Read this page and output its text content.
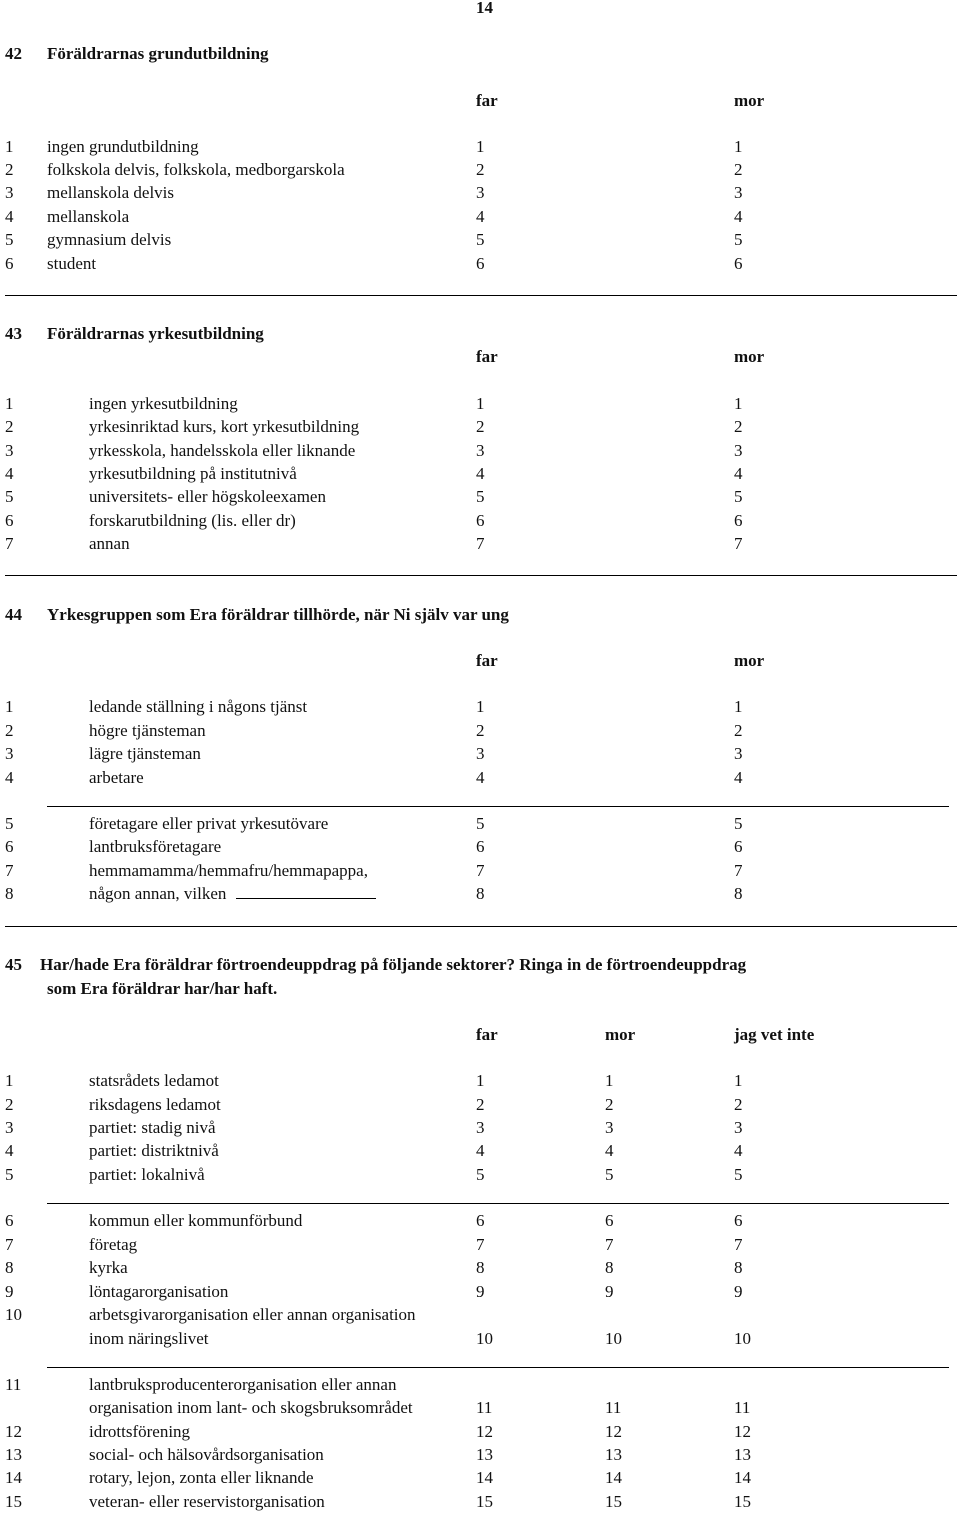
14
42 Föräldrarnas grundutbildning
far	mor
1 ingen grundutbildning	1	1
2 folkskola delvis, folkskola, medborgarskola	2	2
3 mellanskola delvis	3	3
4 mellanskola	4	4
5 gymnasium delvis	5	5
6 student	6	6
43 Föräldrarnas yrkesutbildning
far	mor
1	ingen yrkesutbildning	1	1
2	yrkesinriktad kurs, kort yrkesutbildning	2	2
3	yrkesskola, handelsskola eller liknande	3	3
4	yrkesutbildning på institutnivå	4	4
5	universitets- eller högskoleexamen	5	5
6	forskarutbildning (lis. eller dr)	6	6
7	annan	7	7
44 Yrkesgruppen som Era föräldrar tillhörde, när Ni själv var ung
far	mor
1	ledande ställning i någons tjänst	1	1
2	högre tjänsteman	2	2
3	lägre tjänsteman	3	3
4	arbetare	4	4
5	företagare eller privat yrkesutövare	5	5
6	lantbruksföretagare	6	6
7	hemmamamma/hemmafru/hemmapappa,	7	7
8	någon annan, vilken	8	8
45 Har/hade Era föräldrar förtroendeuppdrag på följande sektorer? Ringa in de förtroendeuppdrag
som Era föräldrar har/har haft.
far	mor	jag vet inte
1	statsrådets ledamot	1	1	1
2	riksdagens ledamot	2	2	2
3	partiet: stadig nivå	3	3	3
4	partiet: distriktnivå	4	4	4
5	partiet: lokalnivå	5	5	5
6	kommun eller kommunförbund	6	6	6
7	företag	7	7	7
8	kyrka	8	8	8
9	löntagarorganisation	9	9	9
10	arbetsgivarorganisation eller annan organisation
inom näringslivet	10	10	10
11	lantbruksproducenterorganisation eller annan
organisation inom lant- och skogsbruksområdet	11	11	11
12	idrottsförening	12	12	12
13	social- och hälsovårdsorganisation	13	13	13
14	rotary, lejon, zonta eller liknande	14	14	14
15	veteran- eller reservistorganisation	15	15	15
